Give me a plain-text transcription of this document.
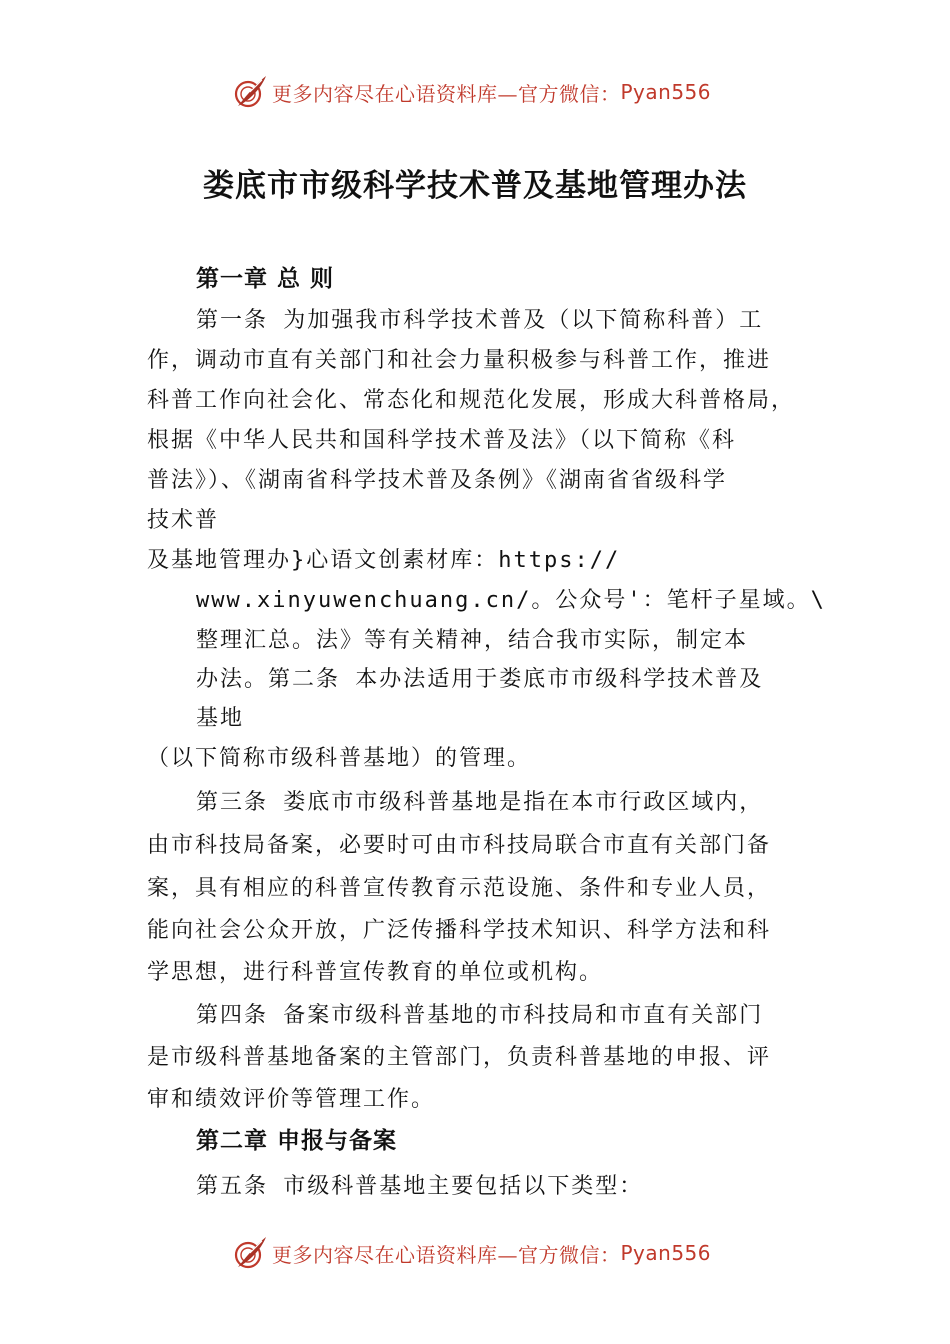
更多内容尽在心语资料库—官方微信： Pyan556
娄底市市级科学技术普及基地管理办法
第一章 总 则
第一条 为加强我市科学技术普及（以下简称科普）工
作，调动市直有关部门和社会力量积极参与科普工作，推进
科普工作向社会化、常态化和规范化发展，形成大科普格局，
根据《中华人民共和国科学技术普及法》（以下简称《科
普法》）、《湖南省科学技术普及条例》《湖南省省级科学
技术普
及基地管理办}心语文创素材库：https://
www.xinyuwenchuang.cn/。公众号'：笔杆子星域。\
整理汇总。法》等有关精神，结合我市实际，制定本
办法。第二条 本办法适用于娄底市市级科学技术普及
基地
（以下简称市级科普基地）的管理。
第三条 娄底市市级科普基地是指在本市行政区域内，
由市科技局备案，必要时可由市科技局联合市直有关部门备
案，具有相应的科普宣传教育示范设施、条件和专业人员，
能向社会公众开放，广泛传播科学技术知识、科学方法和科
学思想，进行科普宣传教育的单位或机构。
第四条 备案市级科普基地的市科技局和市直有关部门
是市级科普基地备案的主管部门，负责科普基地的申报、评
审和绩效评价等管理工作。
第二章 申报与备案
第五条 市级科普基地主要包括以下类型：
更多内容尽在心语资料库—官方微信： Pyan556
